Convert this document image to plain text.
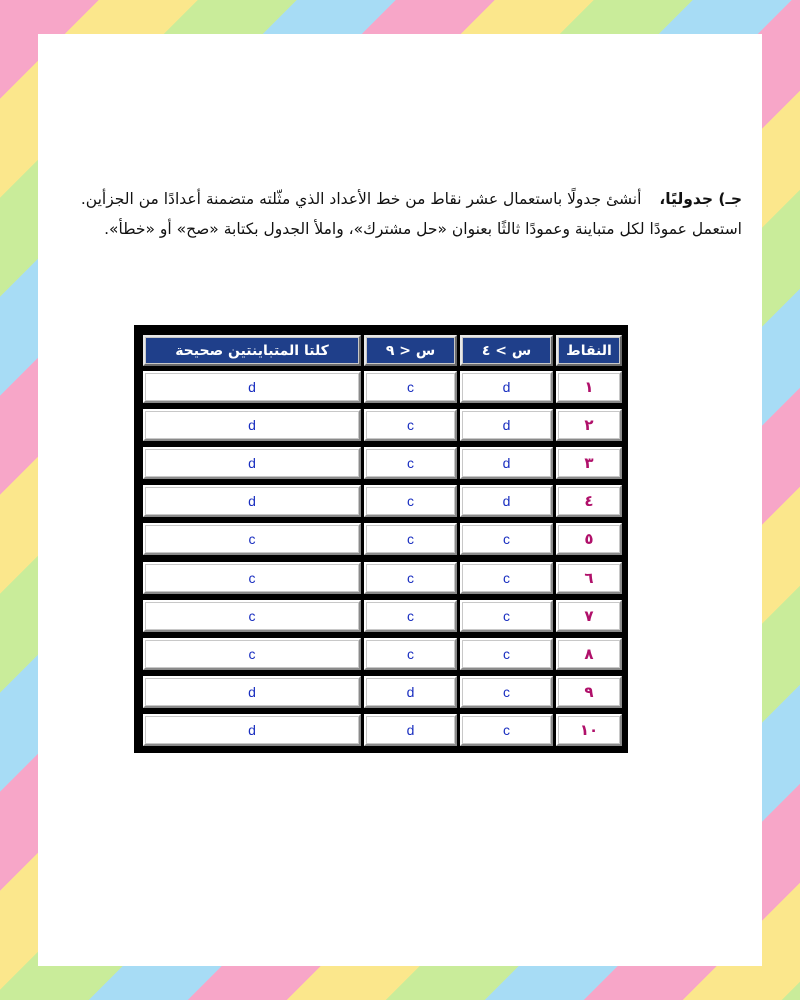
جـ) جدوليًا،أنشئ جدولًا باستعمال عشر نقاط من خط الأعداد الذي مثّلته متضمنة أعدادًا من الجزأين. استعمل عمودًا لكل متباينة وعمودًا ثالثًا بعنوان «حل مشترك»، واملأ الجدول بكتابة «صح» أو «خطأ».
النقاط
س > ٤
س < ٩
كلتا المتباينتين صحيحة
١
d
c
d
٢
d
c
d
٣
d
c
d
٤
d
c
d
٥
c
c
c
٦
c
c
c
٧
c
c
c
٨
c
c
c
٩
c
d
d
١٠
c
d
d
